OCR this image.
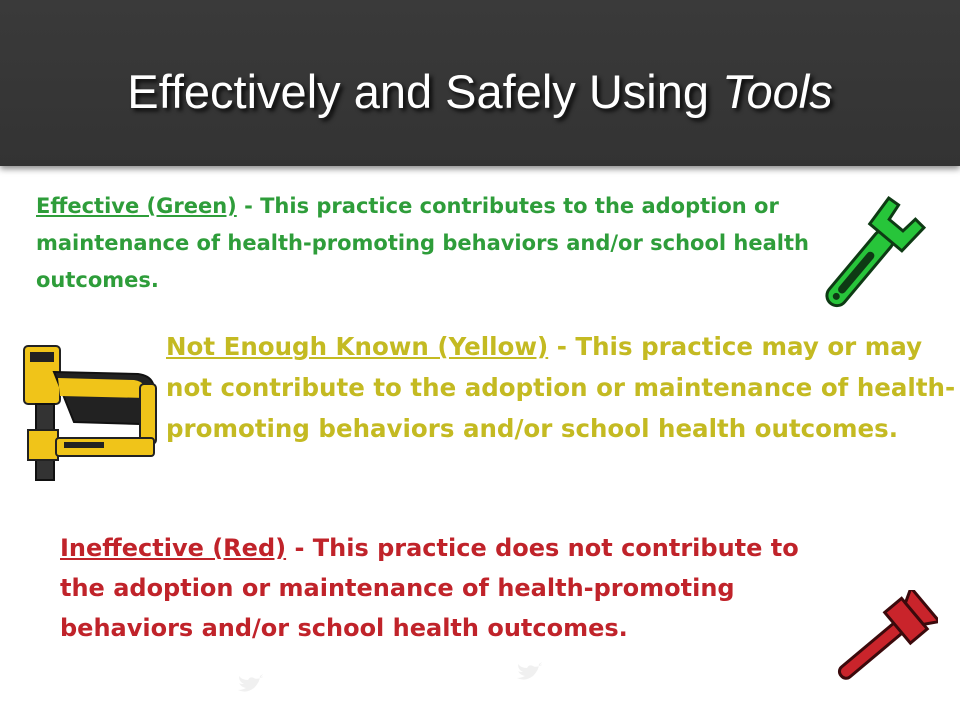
Effectively and Safely Using Tools

Effective (Green) - This practice contributes to the adoption or maintenance of health-promoting behaviors and/or school health outcomes.

Not Enough Known (Yellow) - This practice may or may not contribute to the adoption or maintenance of health-promoting behaviors and/or school health outcomes.

Ineffective (Red) - This practice does not contribute to the adoption or maintenance of health-promoting behaviors and/or school health outcomes.
